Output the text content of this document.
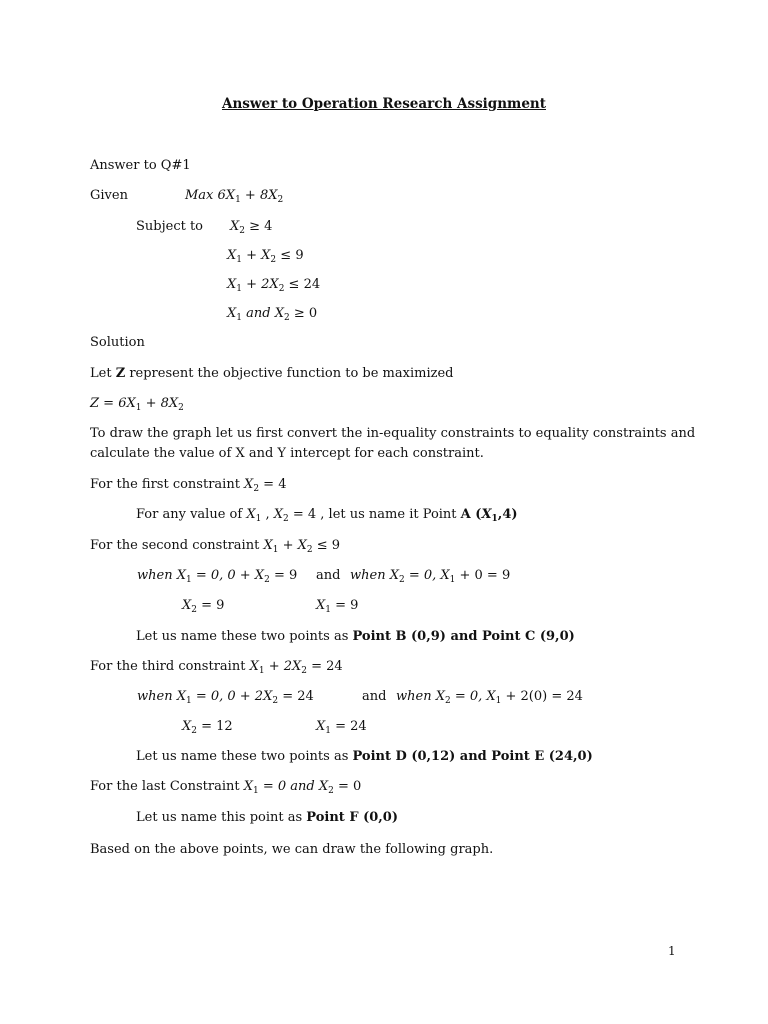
Answer to Operation Research Assignment
Answer to Q#1
Given	Max $6X_1 + 8X_2$
Subject to $X_2 \ge 4$
$X_1 + X_2 \le 9$
$X_1 + 2X_2 \le 24$
$X_1$ and $X_2 \ge 0$
Solution
Let Z represent the objective function to be maximized
$Z = 6X_1 + 8X_2$
To draw the graph let us first convert the in-equality constraints to equality constraints and
calculate the value of X and Y intercept for each constraint.
For the first constraint $X_2 = 4$
For any value of $X_1$ , $X_2 = 4$ , let us name it Point A $(X_1,4)$
For the second constraint $X_1 + X_2 \le 9$
when $X_1 = 0$, $0 + X_2 = 9$ and when $X_2 = 0$, $X_1 + 0 = 9$
$X_2 = 9$	$X_1 = 9$
Let us name these two points as Point B (0,9) and Point C (9,0)
For the third constraint $X_1 + 2X_2 = 24$
when $X_1 = 0$, $0 + 2X_2 = 24$	and when $X_2 = 0$, $X_1 + 2(0) = 24$
$X_2 = 12$	$X_1 = 24$
Let us name these two points as Point D (0,12) and Point E (24,0)
For the last Constraint $X_1 = 0$ and $X_2 = 0$
Let us name this point as Point F (0,0)
Based on the above points, we can draw the following graph.
1
